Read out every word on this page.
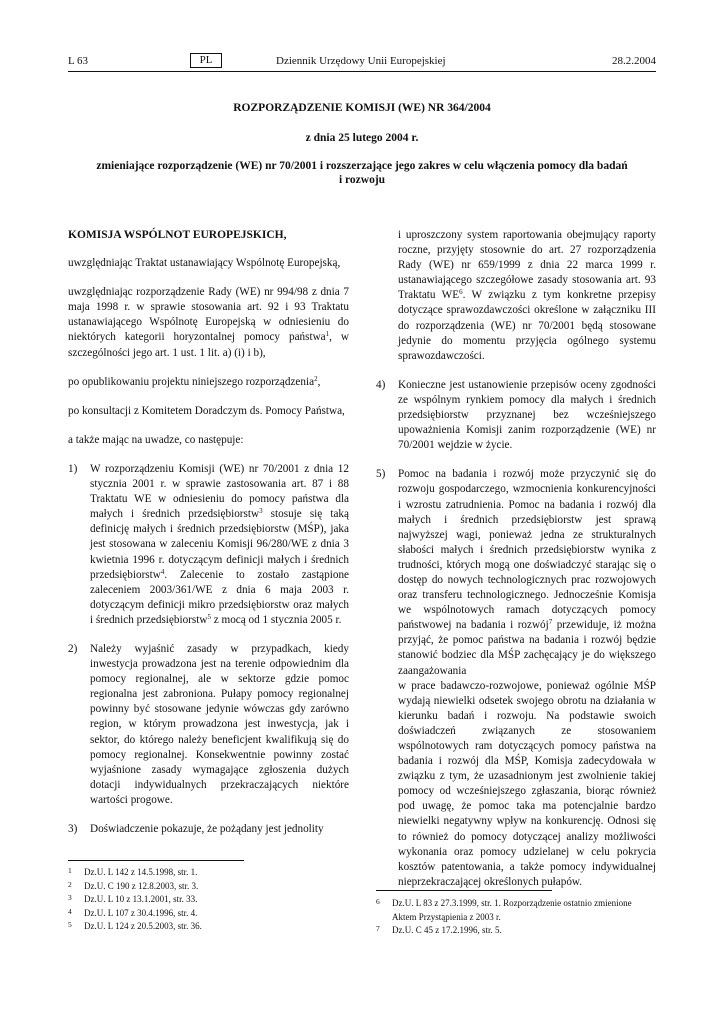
L 63	PL	Dziennik Urzędowy Unii Europejskiej	28.2.2004
ROZPORZĄDZENIE KOMISJI (WE) NR 364/2004
z dnia 25 lutego 2004 r.
zmieniające rozporządzenie (WE) nr 70/2001 i rozszerzające jego zakres w celu włączenia pomocy dla badań
i rozwoju

KOMISJA WSPÓLNOT EUROPEJSKICH,

uwzględniając Traktat ustanawiający Wspólnotę Europejską,

uwzględniając rozporządzenie Rady (WE) nr 994/98 z dnia 7 maja 1998 r. w sprawie stosowania art. 92 i 93 Traktatu ustanawiającego Wspólnotę Europejską w odniesieniu do niektórych kategorii horyzontalnej pomocy państwa$^1$, w szczególności jego art. 1 ust. 1 lit. a) (i) i b),

po opublikowaniu projektu niniejszego rozporządzenia$^2$,

po konsultacji z Komitetem Doradczym ds. Pomocy Państwa,

a także mając na uwadze, co następuje:

1) W rozporządzeniu Komisji (WE) nr 70/2001 z dnia 12 stycznia 2001 r. w sprawie zastosowania art. 87 i 88 Traktatu WE w odniesieniu do pomocy państwa dla małych i średnich przedsiębiorstw$^3$ stosuje się taką definicję małych i średnich przedsiębiorstw (MŚP), jaka jest stosowana w zaleceniu Komisji 96/280/WE z dnia 3 kwietnia 1996 r. dotyczącym definicji małych i średnich przedsiębiorstw$^4$. Zalecenie to zostało zastąpione zaleceniem 2003/361/WE z dnia 6 maja 2003 r. dotyczącym definicji mikro przedsiębiorstw oraz małych i średnich przedsiębiorstw$^5$ z mocą od 1 stycznia 2005 r.
2) Należy wyjaśnić zasady w przypadkach, kiedy inwestycja prowadzona jest na terenie odpowiednim dla pomocy regionalnej, ale w sektorze gdzie pomoc regionalna jest zabroniona. Pułapy pomocy regionalnej powinny być stosowane jedynie wówczas gdy zarówno region, w którym prowadzona jest inwestycja, jak i sektor, do którego należy beneficjent kwalifikują się do pomocy regionalnej. Konsekwentnie powinny zostać wyjaśnione zasady wymagające zgłoszenia dużych dotacji indywidualnych przekraczających niektóre wartości progowe.
3) Doświadczenie pokazuje, że pożądany jest jednolity
i uproszczony system raportowania obejmujący raporty roczne, przyjęty stosownie do art. 27 rozporządzenia Rady (WE) nr 659/1999 z dnia 22 marca 1999 r. ustanawiającego szczegółowe zasady stosowania art. 93 Traktatu $WE^6$. W związku z tym konkretne przepisy dotyczące sprawozdawczości określone w załączniku III do rozporządzenia (WE) nr 70/2001 będą stosowane jedynie do momentu przyjęcia ogólnego systemu sprawozdawczości.
4) Konieczne jest ustanowienie przepisów oceny zgodności ze wspólnym rynkiem pomocy dla małych i średnich przedsiębiorstw przyznanej bez wcześniejszego upoważnienia Komisji zanim rozporządzenie (WE) nr 70/2001 wejdzie w życie.
5) Pomoc na badania i rozwój może przyczynić się do rozwoju gospodarczego, wzmocnienia konkurencyjności i wzrostu zatrudnienia. Pomoc na badania i rozwój dla małych i średnich przedsiębiorstw jest sprawą najwyższej wagi, ponieważ jedna ze strukturalnych słabości małych i średnich przedsiębiorstw wynika z trudności, których mogą one doświadczyć starając się o dostęp do nowych technologicznych prac rozwojowych oraz transferu technologicznego. Jednocześnie Komisja we wspólnotowych ramach dotyczących pomocy państwowej na badania i rozwój$^7$ przewiduje, iż można przyjąć, że pomoc państwa na badania i rozwój będzie stanowić bodziec dla MŚP zachęcający je do większego zaangażowania
w prace badawczo-rozwojowe, ponieważ ogólnie MŚP wydają niewielki odsetek swojego obrotu na działania w kierunku badań i rozwoju. Na podstawie swoich doświadczeń związanych ze stosowaniem wspólnotowych ram dotyczących pomocy państwa na badania i rozwój dla MŚP, Komisja zadecydowała w związku z tym, że uzasadnionym jest zwolnienie takiej pomocy od wcześniejszego zgłaszania, biorąc również pod uwagę, że pomoc taka ma potencjalnie bardzo niewielki negatywny wpływ na konkurencję. Odnosi się to również do pomocy dotyczącej analizy możliwości wykonania oraz pomocy udzielanej w celu pokrycia kosztów patentowania, a także pomocy indywidualnej nieprzekraczającej określonych pułapów.
1 Dz.U. L 142 z 14.5.1998, str. 1.
2 Dz.U. C 190 z 12.8.2003, str. 3.
3 Dz.U. L 10 z 13.1.2001, str. 33.
4 Dz.U. L 107 z 30.4.1996, str. 4.
5 Dz.U. L 124 z 20.5.2003, str. 36.
6 Dz.U. L 83 z 27.3.1999, str. 1. Rozporządzenie ostatnio zmienione Aktem Przystąpienia z 2003 r.
7 Dz.U. C 45 z 17.2.1996, str. 5.
